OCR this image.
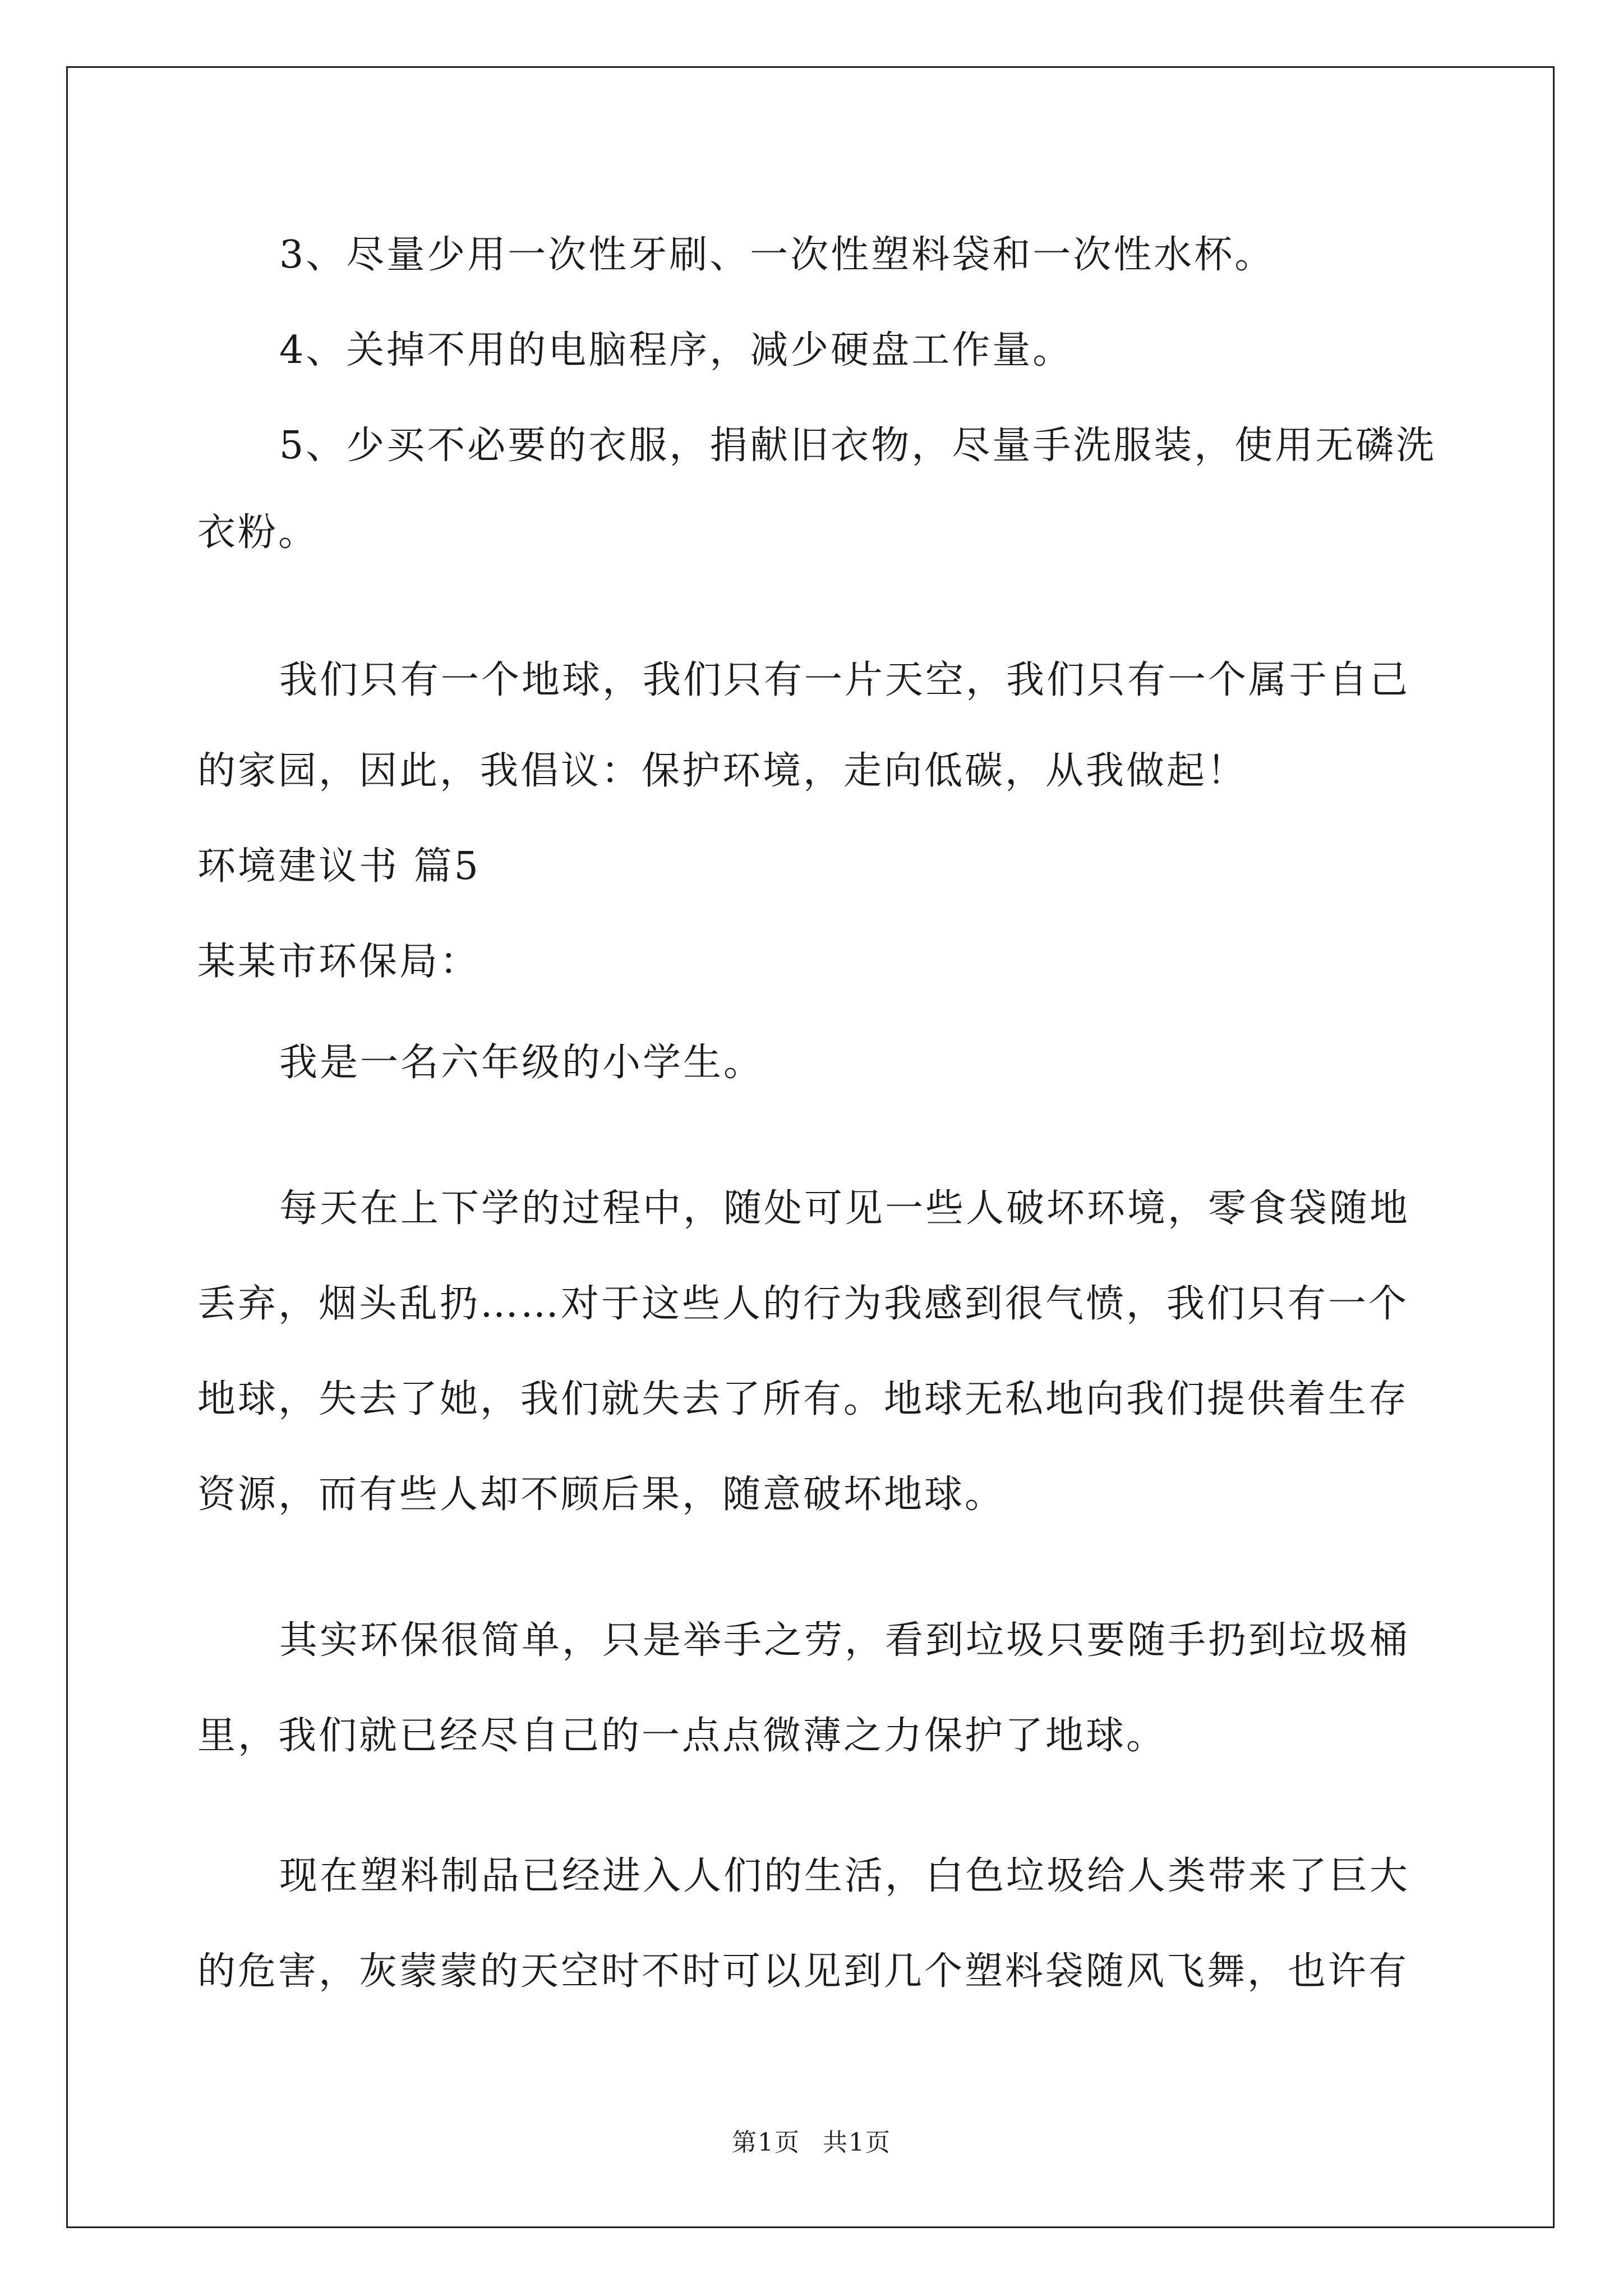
3、尽量少用一次性牙刷、一次性塑料袋和一次性水杯。
4、关掉不用的电脑程序，减少硬盘工作量。
5、少买不必要的衣服，捐献旧衣物，尽量手洗服装，使用无磷洗
衣粉。
我们只有一个地球，我们只有一片天空，我们只有一个属于自己
的家园，因此，我倡议：保护环境，走向低碳，从我做起！
环境建议书 篇5
某某市环保局：
我是一名六年级的小学生。
每天在上下学的过程中，随处可见一些人破坏环境，零食袋随地
丢弃，烟头乱扔……对于这些人的行为我感到很气愤，我们只有一个
地球，失去了她，我们就失去了所有。地球无私地向我们提供着生存
资源，而有些人却不顾后果，随意破坏地球。
其实环保很简单，只是举手之劳，看到垃圾只要随手扔到垃圾桶
里，我们就已经尽自己的一点点微薄之力保护了地球。
现在塑料制品已经进入人们的生活，白色垃圾给人类带来了巨大
的危害，灰蒙蒙的天空时不时可以见到几个塑料袋随风飞舞，也许有
第1页 共1页
